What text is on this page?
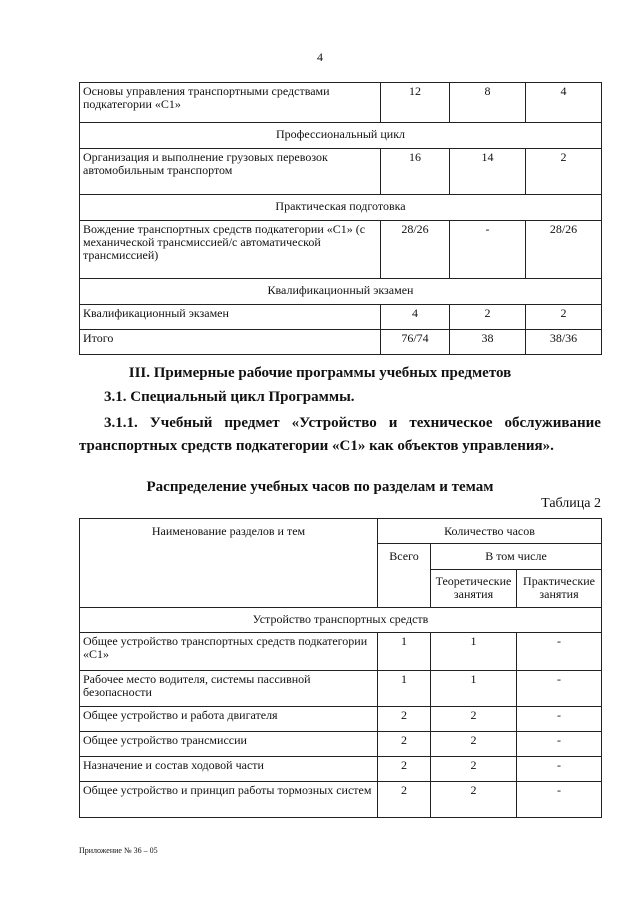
4
Основы управления транспортными средствами подкатегории «С1»	12	8	4
Профессиональный цикл			
Организация и выполнение грузовых перевозок автомобильным транспортом	16	14	2
Практическая подготовка			
Вождение транспортных средств подкатегории «С1» (с механической трансмиссией/с автоматической трансмиссией)	28/26	-	28/26
Квалификационный экзамен			
Квалификационный экзамен	4	2	2
Итого	76/74	38	38/36
III. Примерные рабочие программы учебных предметов
3.1. Специальный цикл Программы.
3.1.1. Учебный предмет «Устройство и техническое обслуживание
транспортных средств подкатегории «С1» как объектов управления».
Распределение учебных часов по разделам и темам
Таблица 2
Наименование разделов и тем	Количество часов		
	Всего	В том числе	
		Теоретические занятия	Практические занятия
Устройство транспортных средств			
Общее устройство транспортных средств подкатегории «С1»	1	1	-
Рабочее место водителя, системы пассивной безопасности	1	1	-
Общее устройство и работа двигателя	2	2	-
Общее устройство трансмиссии	2	2	-
Назначение и состав ходовой части	2	2	-
Общее устройство и принцип работы тормозных систем	2	2	-
Приложение № 36 – 05
